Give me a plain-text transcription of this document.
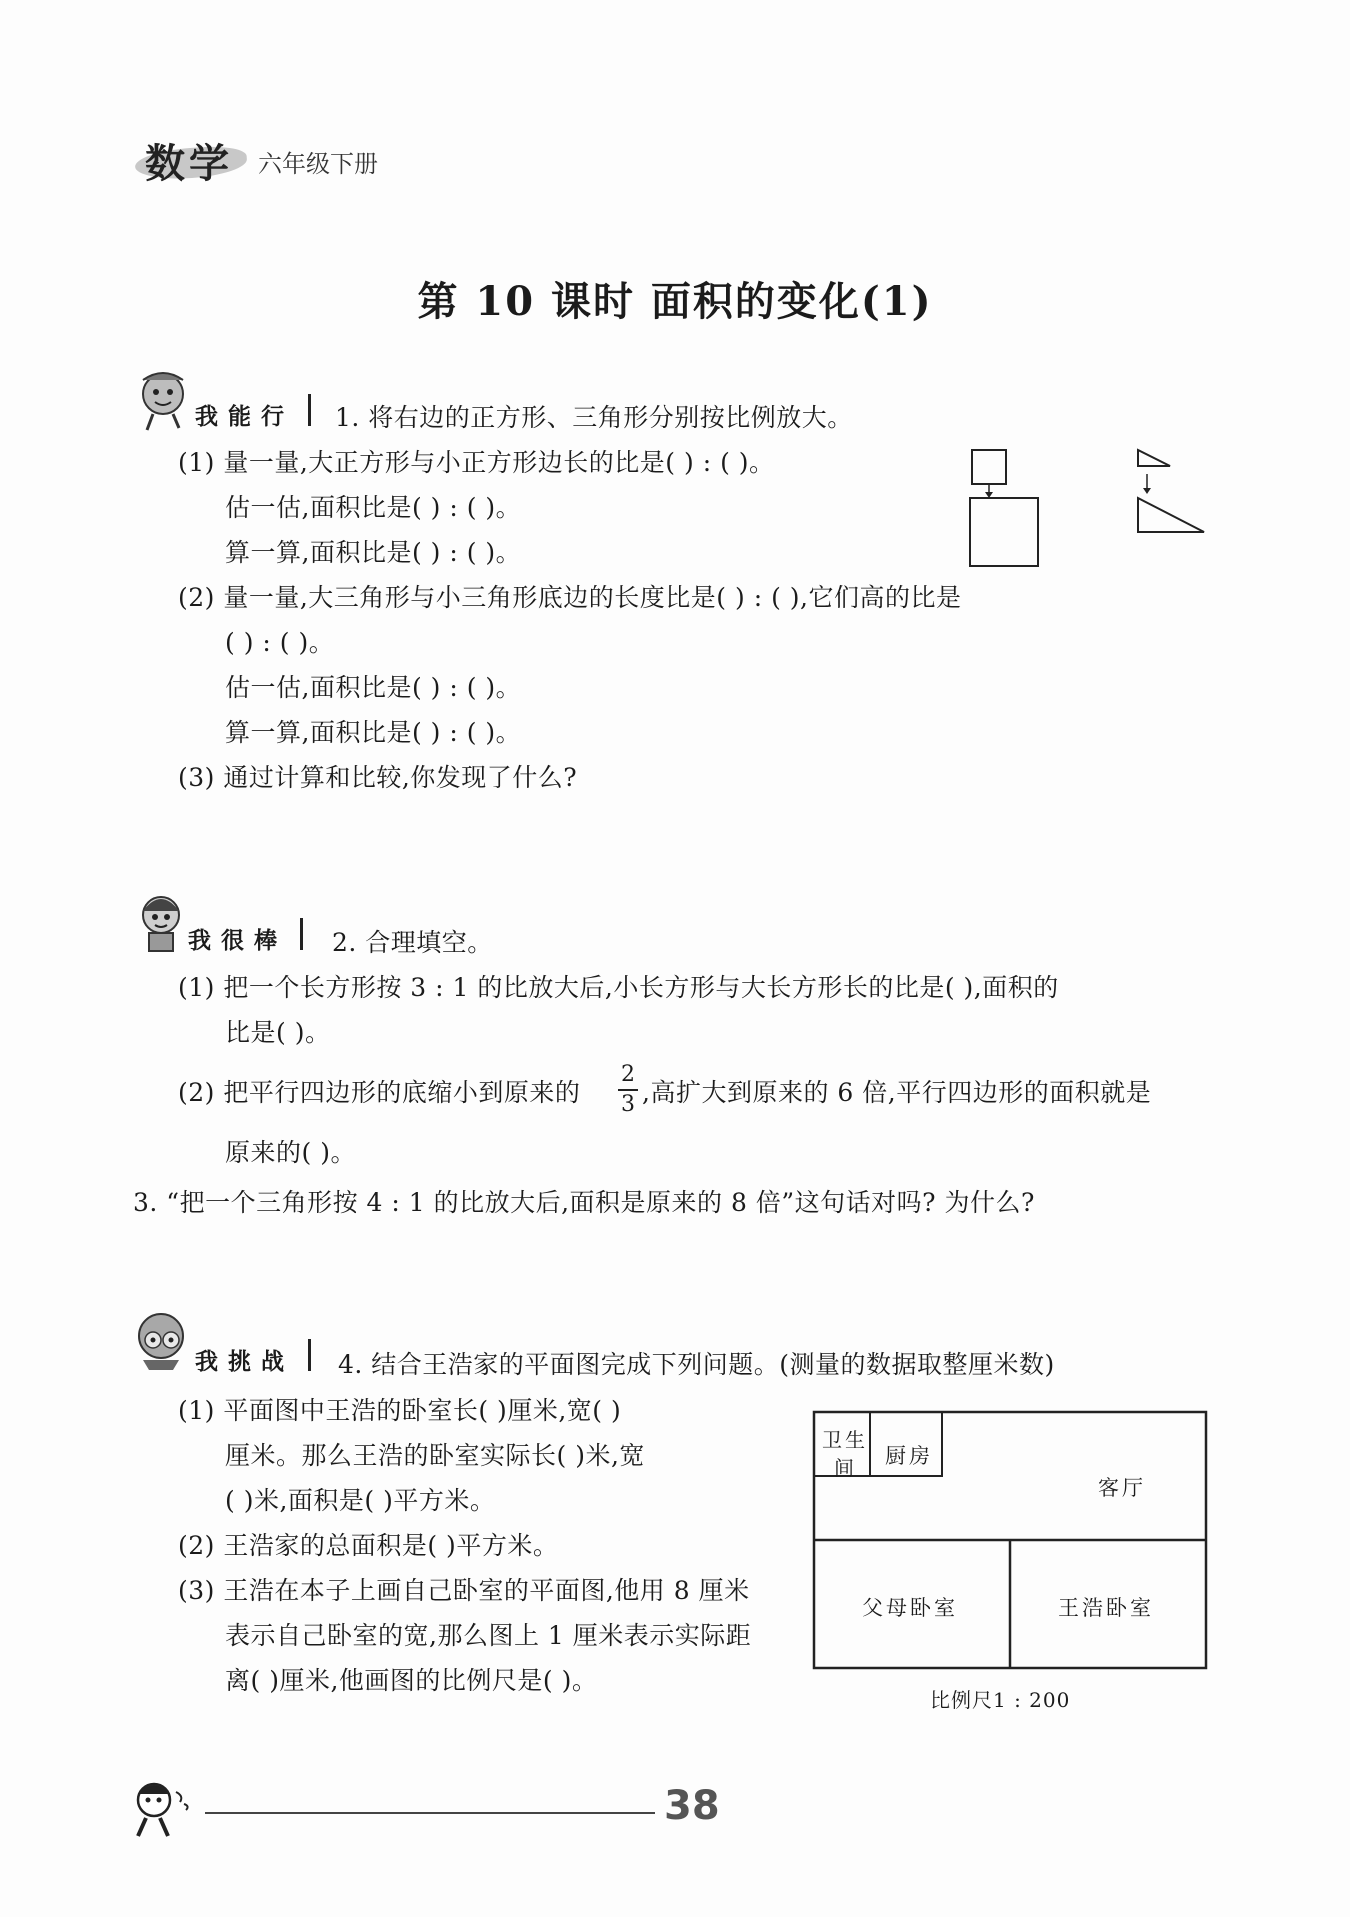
数学 六年级下册
第 10 课时 面积的变化(1)
我能行 1. 将右边的正方形、三角形分别按比例放大。
(1) 量一量,大正方形与小正方形边长的比是( ) : ( )。
估一估,面积比是( ) : ( )。
算一算,面积比是( ) : ( )。
(2) 量一量,大三角形与小三角形底边的长度比是( ) : ( ),它们高的比是
( ) : ( )。
估一估,面积比是( ) : ( )。
算一算,面积比是( ) : ( )。
(3) 通过计算和比较,你发现了什么?
我很棒 2. 合理填空。
(1) 把一个长方形按 3 : 1 的比放大后,小长方形与大长方形长的比是( ),面积的
比是( )。
(2) 把平行四边形的底缩小到原来的
2
3 ,高扩大到原来的 6 倍,平行四边形的面积就是
原来的( )。
3. “把一个三角形按 4 : 1 的比放大后,面积是原来的 8 倍”这句话对吗? 为什么?
我挑战 4. 结合王浩家的平面图完成下列问题。(测量的数据取整厘米数)
(1) 平面图中王浩的卧室长( )厘米,宽( )
厘米。那么王浩的卧室实际长( )米,宽
( )米,面积是( )平方米。
(2) 王浩家的总面积是( )平方米。
(3) 王浩在本子上画自己卧室的平面图,他用 8 厘米
表示自己卧室的宽,那么图上 1 厘米表示实际距
离( )厘米,他画图的比例尺是( )。
卫生
间 厨房
客厅
父母卧室	王浩卧室
比例尺1 : 200
38
